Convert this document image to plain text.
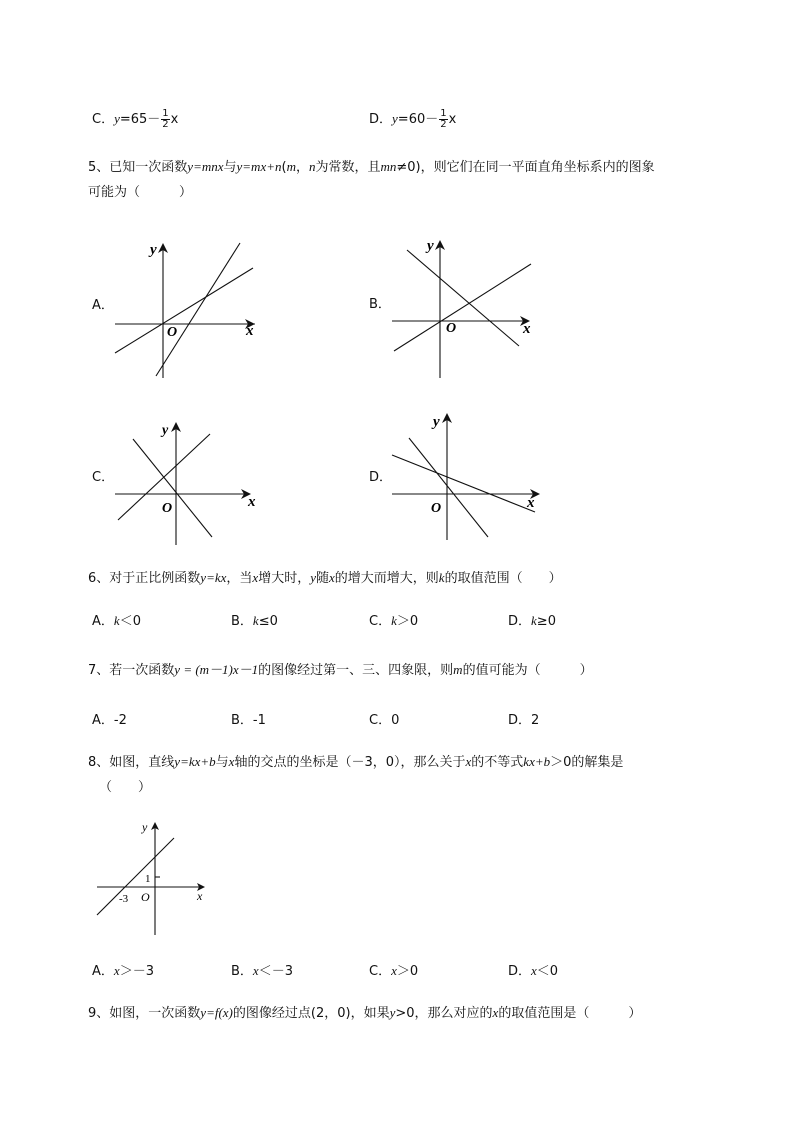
C．$y=65- \frac{1}{2}$ x	D．$y=60- \frac{1}{2}$ x
5、已知一次函数y=mnx与y=mx+n(m，n为常数，且mn≠0)，则它们在同一平面直角坐标系内的图象
可能为（　　　）
A．	B．
C．	D．
y
x
O
y
x
O
y
x
O
y
x
O
6、对于正比例函数y=kx，当x增大时，y随x的增大而增大，则k的取值范围（　　）
A．k＜0	B．k≤0	C．k＞0	D．k≥0
7、若一次函数y = (m－1)x－1的图像经过第一、三、四象限，则m的值可能为（　　　）
A．-2	B．-1	C．0	D．2
8、如图，直线y=kx+b与x轴的交点的坐标是（－3，0），那么关于x的不等式kx+b＞0的解集是
（　　）
y
x
O
1
-3
A．x＞－3	B．x＜－3	C．x＞0	D．x＜0
9、如图，一次函数y=f(x)的图像经过点(2，0)，如果y>0，那么对应的x的取值范围是（　　　）
